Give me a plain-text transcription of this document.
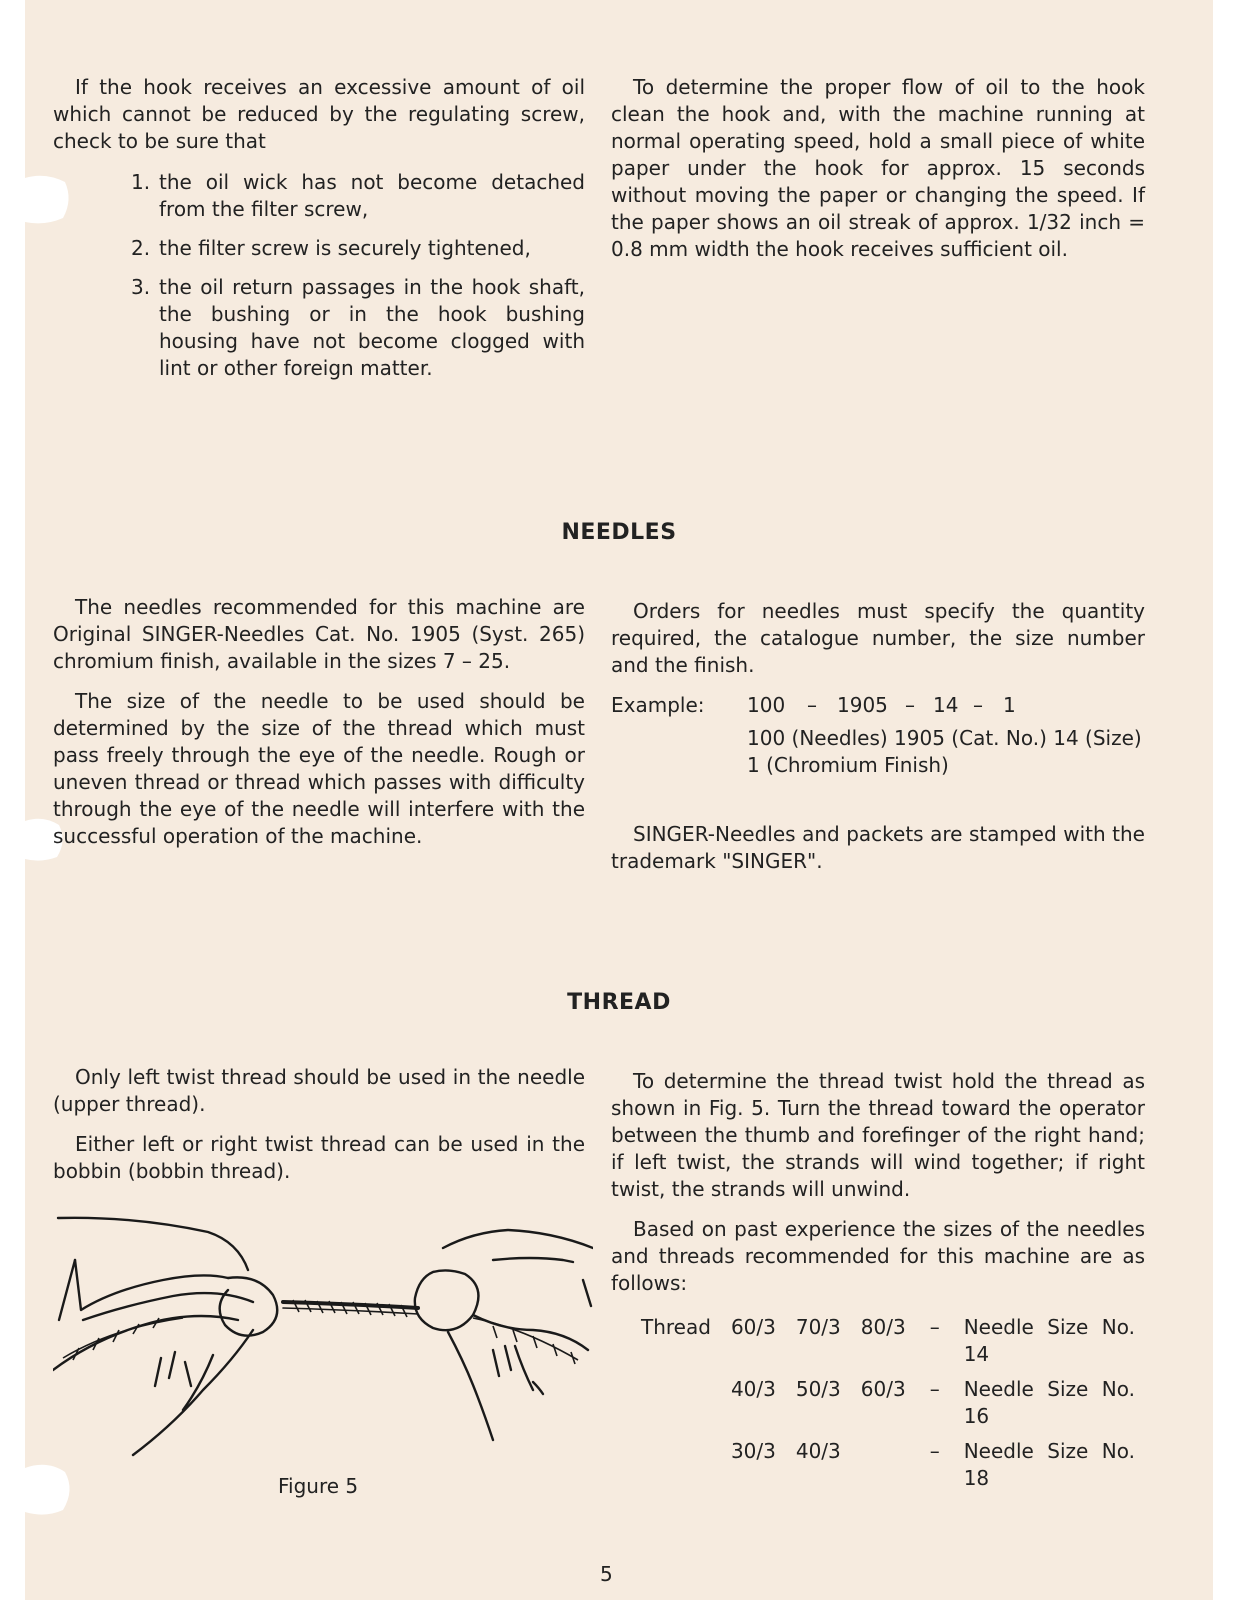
If the hook receives an excessive amount of oil which cannot be reduced by the regulating screw, check to be sure that

1. the oil wick has not become detached from the filter screw,
2. the filter screw is securely tightened,
3. the oil return passages in the hook shaft, the bushing or in the hook bushing housing have not become clogged with lint or other foreign matter.

To determine the proper flow of oil to the hook clean the hook and, with the machine running at normal operating speed, hold a small piece of white paper under the hook for approx. 15 seconds without moving the paper or changing the speed. If the paper shows an oil streak of approx. 1/32 inch = 0.8 mm width the hook receives sufficient oil.

NEEDLES

The needles recommended for this machine are Original SINGER-Needles Cat. No. 1905 (Syst. 265) chromium finish, available in the sizes 7 – 25.

The size of the needle to be used should be determined by the size of the thread which must pass freely through the eye of the needle. Rough or uneven thread or thread which passes with difficulty through the eye of the needle will interfere with the successful operation of the machine.

Orders for needles must specify the quantity required, the catalogue number, the size number and the finish.

Example: 100 – 1905 – 14 – 1
100 (Needles) 1905 (Cat. No.) 14 (Size)
1 (Chromium Finish)

SINGER-Needles and packets are stamped with the trademark "SINGER".

THREAD

Only left twist thread should be used in the needle (upper thread).

Either left or right twist thread can be used in the bobbin (bobbin thread).

Figure 5

To determine the thread twist hold the thread as shown in Fig. 5. Turn the thread toward the operator between the thumb and forefinger of the right hand; if left twist, the strands will wind together; if right twist, the strands will unwind.

Based on past experience the sizes of the needles and threads recommended for this machine are as follows:

Thread	60/3	70/3	80/3	–	Needle Size No. 14
	40/3	50/3	60/3	–	Needle Size No. 16
	30/3	40/3		–	Needle Size No. 18
5
